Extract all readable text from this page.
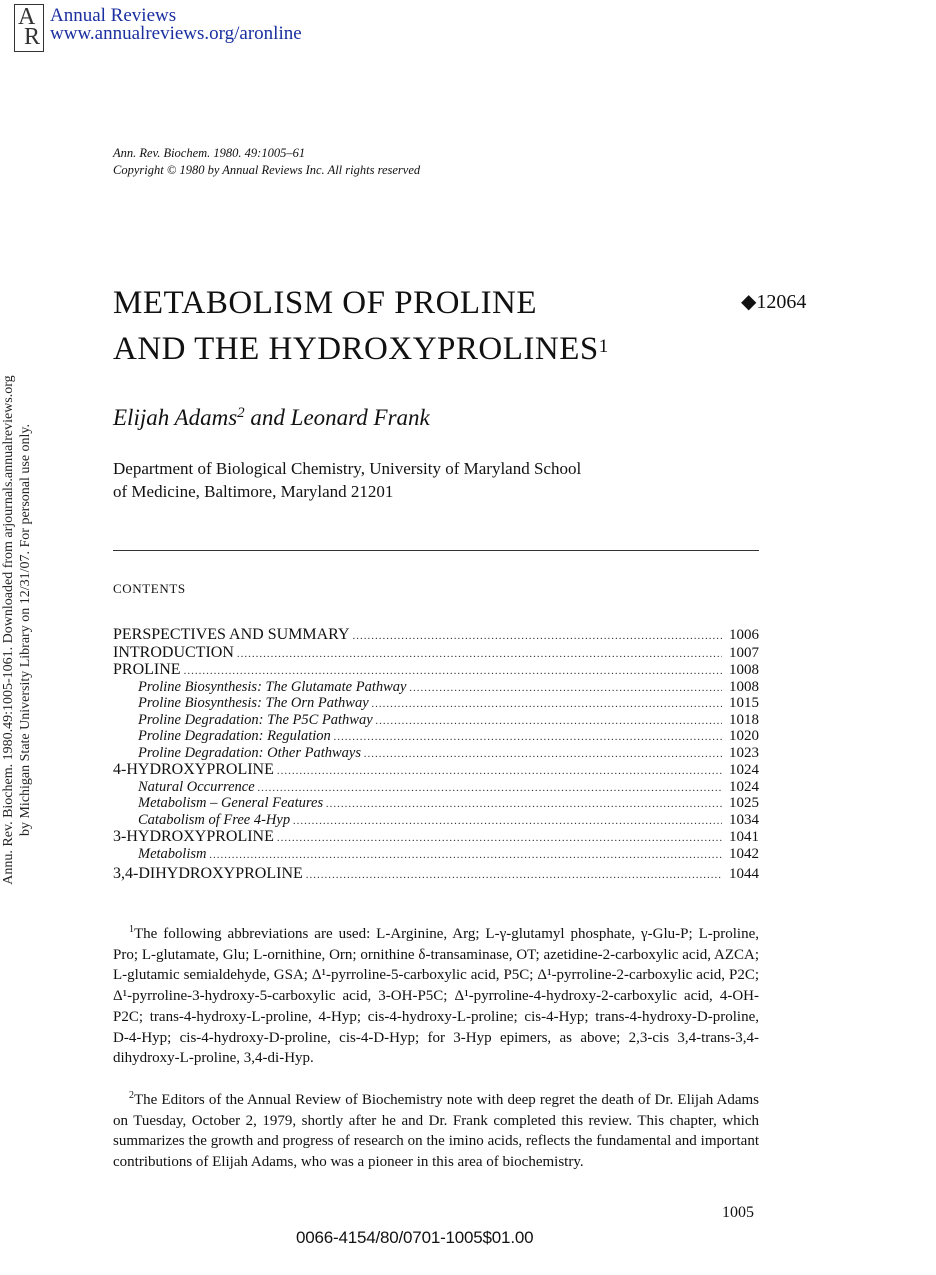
A
R
Annual Reviews
www.annualreviews.org/aronline
Annu. Rev. Biochem. 1980.49:1005-1061. Downloaded from arjournals.annualreviews.org by Michigan State University Library on 12/31/07. For personal use only.
Ann. Rev. Biochem. 1980. 49:1005–61
Copyright © 1980 by Annual Reviews Inc. All rights reserved
METABOLISM OF PROLINE
AND THE HYDROXYPROLINES$^1$
◆12064
Elijah Adams$^2$ and Leonard Frank
Department of Biological Chemistry, University of Maryland School
of Medicine, Baltimore, Maryland 21201
CONTENTS
PERSPECTIVES AND SUMMARY .....	1006
INTRODUCTION .....	1007
PROLINE .....	1008
Proline Biosynthesis: The Glutamate Pathway .....	1008
Proline Biosynthesis: The Orn Pathway .....	1015
Proline Degradation: The P5C Pathway .....	1018
Proline Degradation: Regulation .....	1020
Proline Degradation: Other Pathways .....	1023
4-HYDROXYPROLINE .....	1024
Natural Occurrence .....	1024
Metabolism – General Features .....	1025
Catabolism of Free 4-Hyp .....	1034
3-HYDROXYPROLINE .....	1041
Metabolism .....	1042
3,4-DIHYDROXYPROLINE .....	1044

$^1$The following abbreviations are used: L-Arginine, Arg; L-γ-glutamyl phosphate, γ-Glu-P; L-proline, Pro; L-glutamate, Glu; L-ornithine, Orn; ornithine δ-transaminase, OT; azetidine-2-carboxylic acid, AZCA; L-glutamic semialdehyde, GSA; Δ¹-pyrroline-5-carboxylic acid, P5C; Δ¹-pyrroline-2-carboxylic acid, P2C; Δ¹-pyrroline-3-hydroxy-5-carboxylic acid, 3-OH-P5C; Δ¹-pyrroline-4-hydroxy-2-carboxylic acid, 4-OH-P2C; trans-4-hydroxy-L-proline, 4-Hyp; cis-4-hydroxy-L-proline; cis-4-Hyp; trans-4-hydroxy-D-proline, D-4-Hyp; cis-4-hydroxy-D-proline, cis-4-D-Hyp; for 3-Hyp epimers, as above; 2,3-cis 3,4-trans-3,4-dihydroxy-L-proline, 3,4-di-Hyp.

$^2$The Editors of the Annual Review of Biochemistry note with deep regret the death of Dr. Elijah Adams on Tuesday, October 2, 1979, shortly after he and Dr. Frank completed this review. This chapter, which summarizes the growth and progress of research on the imino acids, reflects the fundamental and important contributions of Elijah Adams, who was a pioneer in this area of biochemistry.

1005
0066-4154/80/0701-1005$01.00
